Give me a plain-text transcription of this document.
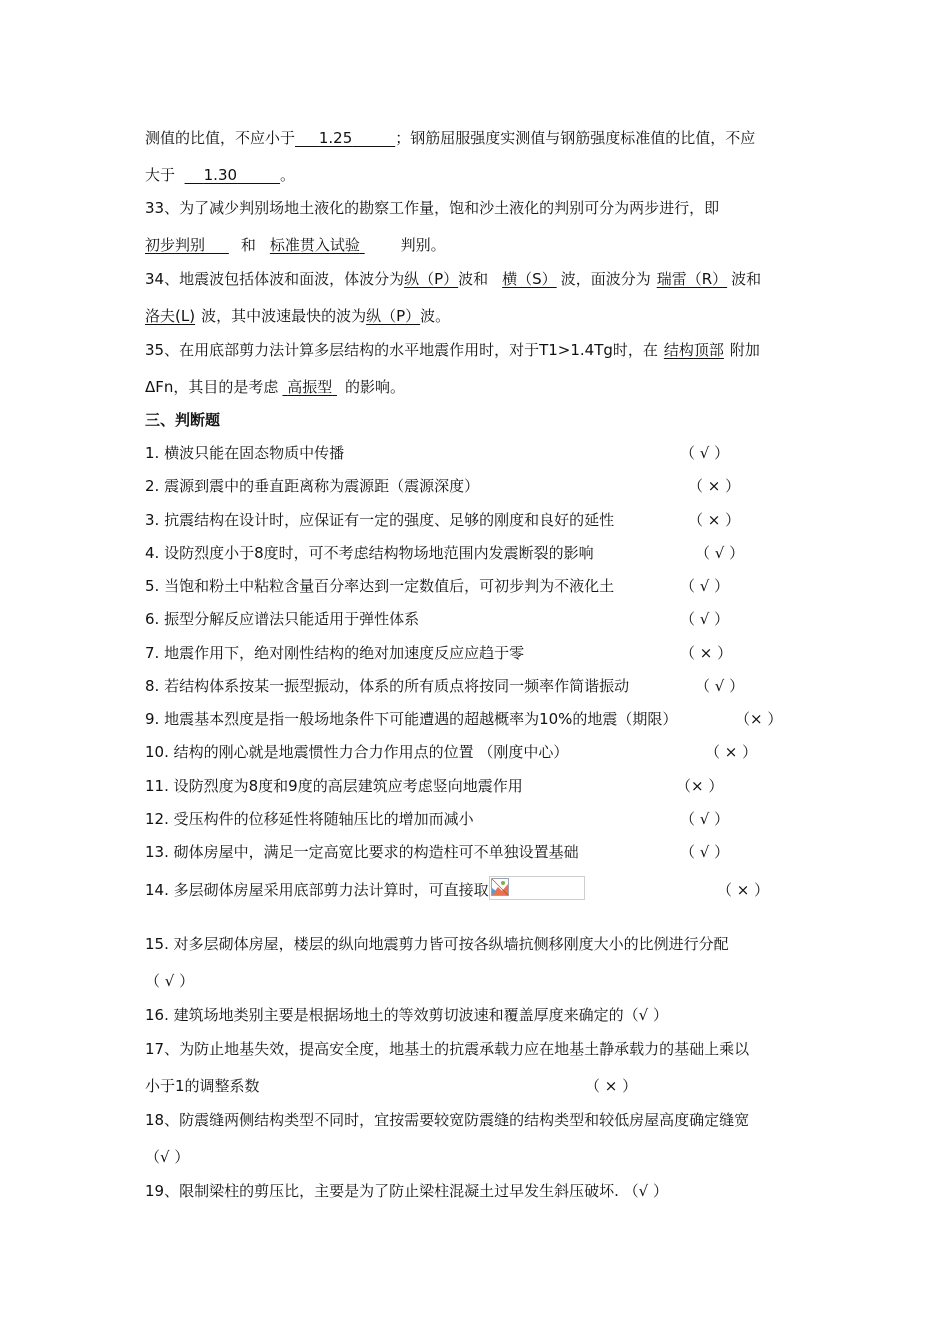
测值的比值，不应小于 1.25	；钢筋屈服强度实测值与钢筋强度标准值的比值，不应
大于 1.30	。
33、为了减少判别场地土液化的勘察工作量，饱和沙土液化的判别可分为两步进行，即
初步判别 和 标准贯入试验	判别。
34、地震波包括体波和面波，体波分为纵（P）波和 横（S） 波，面波分为 瑞雷（R） 波和
洛夫(L) 波，其中波速最快的波为纵（P）波。
35、在用底部剪力法计算多层结构的水平地震作用时，对于T1>1.4Tg时，在 结构顶部 附加
ΔFn，其目的是考虑 高振型 的影响。
三、判断题
1. 横波只能在固态物质中传播	（ √ ）
2. 震源到震中的垂直距离称为震源距（震源深度）	（ × ）
3. 抗震结构在设计时，应保证有一定的强度、足够的刚度和良好的延性	（ × ）
4. 设防烈度小于8度时，可不考虑结构物场地范围内发震断裂的影响	（ √ ）
5. 当饱和粉土中粘粒含量百分率达到一定数值后，可初步判为不液化土	（ √ ）
6. 振型分解反应谱法只能适用于弹性体系	（ √ ）
7. 地震作用下，绝对刚性结构的绝对加速度反应应趋于零	（ × ）
8. 若结构体系按某一振型振动，体系的所有质点将按同一频率作简谐振动	（ √ ）
9. 地震基本烈度是指一般场地条件下可能遭遇的超越概率为10%的地震（期限）	（× ）
10. 结构的刚心就是地震惯性力合力作用点的位置 （刚度中心）	（ × ）
11. 设防烈度为8度和9度的高层建筑应考虑竖向地震作用	（× ）
12. 受压构件的位移延性将随轴压比的增加而减小	（ √ ）
13. 砌体房屋中，满足一定高宽比要求的构造柱可不单独设置基础	（ √ ）
14. 多层砌体房屋采用底部剪力法计算时，可直接取	（ × ）
15. 对多层砌体房屋，楼层的纵向地震剪力皆可按各纵墙抗侧移刚度大小的比例进行分配
（ √ ）
16. 建筑场地类别主要是根据场地土的等效剪切波速和覆盖厚度来确定的（√ ）
17、为防止地基失效，提高安全度，地基土的抗震承载力应在地基土静承载力的基础上乘以
小于1的调整系数	（ × ）
18、防震缝两侧结构类型不同时，宜按需要较宽防震缝的结构类型和较低房屋高度确定缝宽
（√ ）
19、限制梁柱的剪压比，主要是为了防止梁柱混凝土过早发生斜压破坏. （√ ）
